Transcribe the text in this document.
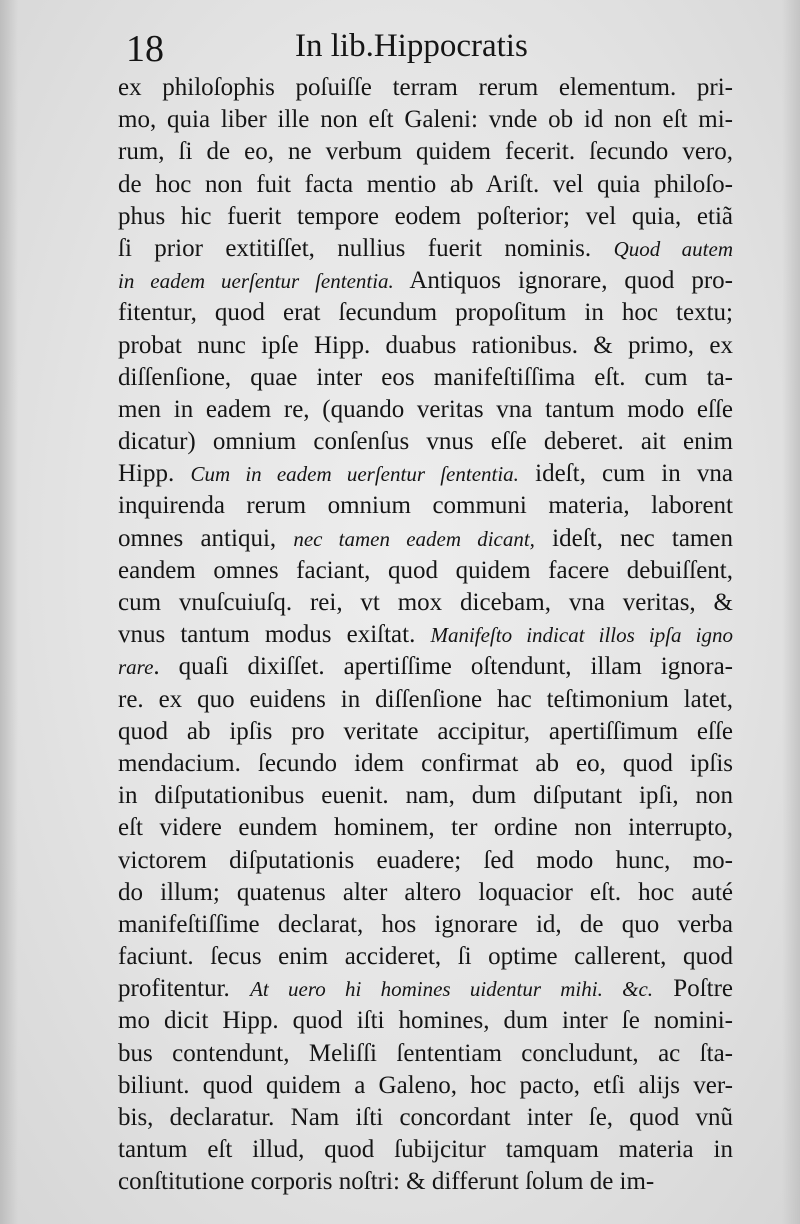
18	In lib.Hippocratis
ex philoſophis poſuiſſe terram rerum elementum. pri-
mo, quia liber ille non eſt Galeni: vnde ob id non eſt mi-
rum, ſi de eo, ne verbum quidem fecerit. ſecundo vero,
de hoc non fuit facta mentio ab Ariſt. vel quia philoſo-
phus hic fuerit tempore eodem poſterior; vel quia, etiã
ſi prior extitiſſet, nullius fuerit nominis. Quod autem
in eadem uerſentur ſententia. Antiquos ignorare, quod pro-
fitentur, quod erat ſecundum propoſitum in hoc textu;
probat nunc ipſe Hipp. duabus rationibus. & primo, ex
diſſenſione, quae inter eos manifeſtiſſima eſt. cum ta-
men in eadem re, (quando veritas vna tantum modo eſſe
dicatur) omnium conſenſus vnus eſſe deberet. ait enim
Hipp. Cum in eadem uerſentur ſententia. ideſt, cum in vna
inquirenda rerum omnium communi materia, laborent
omnes antiqui, nec tamen eadem dicant, ideſt, nec tamen
eandem omnes faciant, quod quidem facere debuiſſent,
cum vnuſcuiuſq. rei, vt mox dicebam, vna veritas, &
vnus tantum modus exiſtat. Manifeſto indicat illos ipſa igno
rare. quaſi dixiſſet. apertiſſime oſtendunt, illam ignora-
re. ex quo euidens in diſſenſione hac teſtimonium latet,
quod ab ipſis pro veritate accipitur, apertiſſimum eſſe
mendacium. ſecundo idem confirmat ab eo, quod ipſis
in diſputationibus euenit. nam, dum diſputant ipſi, non
eſt videre eundem hominem, ter ordine non interrupto,
victorem diſputationis euadere; ſed modo hunc, mo-
do illum; quatenus alter altero loquacior eſt. hoc auté
manifeſtiſſime declarat, hos ignorare id, de quo verba
faciunt. ſecus enim accideret, ſi optime callerent, quod
profitentur. At uero hi homines uidentur mihi. &c. Poſtre
mo dicit Hipp. quod iſti homines, dum inter ſe nomini-
bus contendunt, Meliſſi ſententiam concludunt, ac ſta-
biliunt. quod quidem a Galeno, hoc pacto, etſi alijs ver-
bis, declaratur. Nam iſti concordant inter ſe, quod vnũ
tantum eſt illud, quod ſubijcitur tamquam materia in
conſtitutione corporis noſtri: & differunt ſolum de im-
